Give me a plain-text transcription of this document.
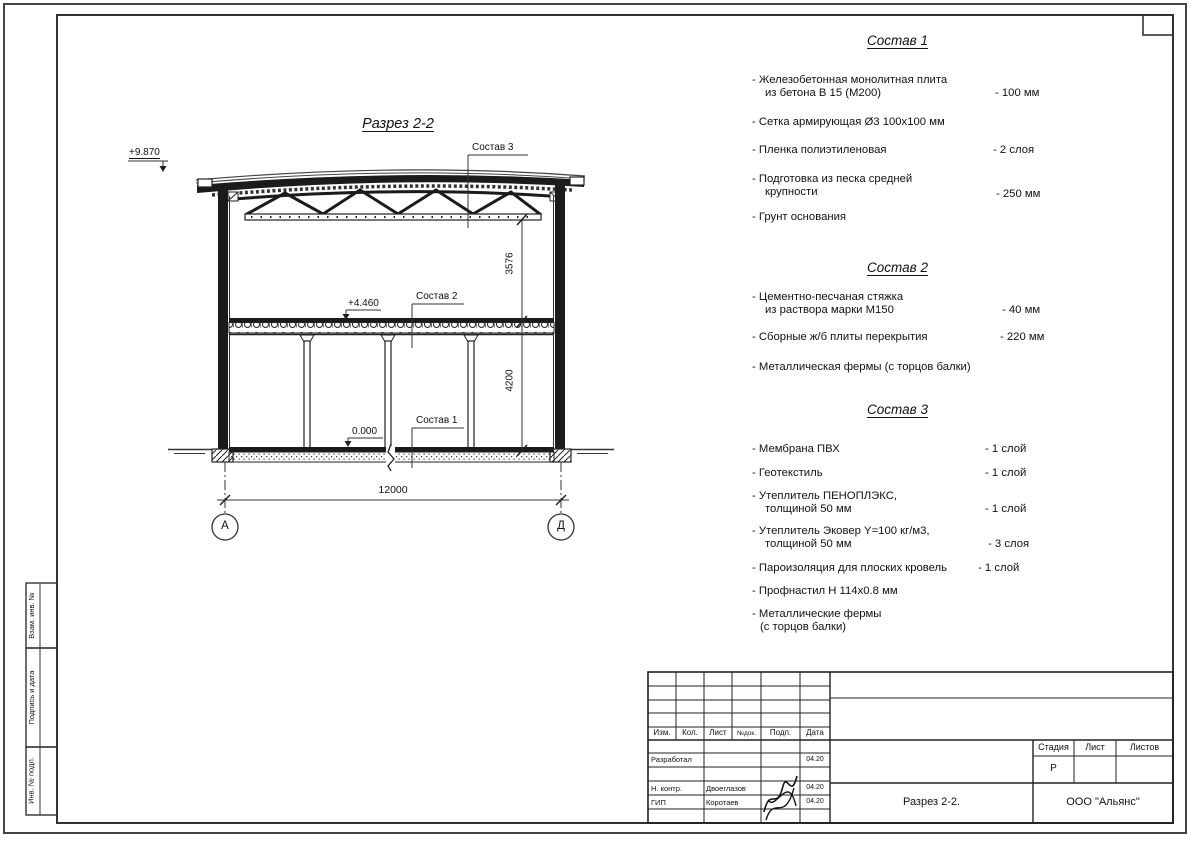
Разрез 2-2
+9.870
+4.460
0.000
Состав 3
Состав 2
Состав 1
3576
4200
12000
А	Д
Состав 1
- Железобетонная монолитная плита
из бетона В 15 (М200)	- 100 мм
- Сетка армирующая Ø3 100х100 мм
- Пленка полиэтиленовая	- 2 слоя
- Подготовка из песка средней
крупности	- 250 мм
- Грунт основания
Состав 2
- Цементно-песчаная стяжка
из раствора марки М150	- 40 мм
- Сборные ж/б плиты перекрытия	- 220 мм
- Металлическая фермы (с торцов балки)
Состав 3
- Мембрана ПВХ	- 1 слой
- Геотекстиль	- 1 слой
- Утеплитель ПЕНОПЛЭКС,
толщиной 50 мм	- 1 слой
- Утеплитель Эковер Y=100 кг/м3,
толщиной 50 мм	- 3 слоя
- Пароизоляция для плоских кровель	- 1 слой
- Профнастил Н 114х0.8 мм
- Металлические фермы
(с торцов балки)
Изм.	Кол.	Лист	№док.	Подп.	Дата
Разработал	04.20
Н. контр.	Двоеглазов	04.20
ГИП	Коротаев	04.20
Стадия	Лист	Листов
Р
Разрез 2-2.	ООО "Альянс"
Взам. инв. №
Подпись и дата
Инв. № подл.
